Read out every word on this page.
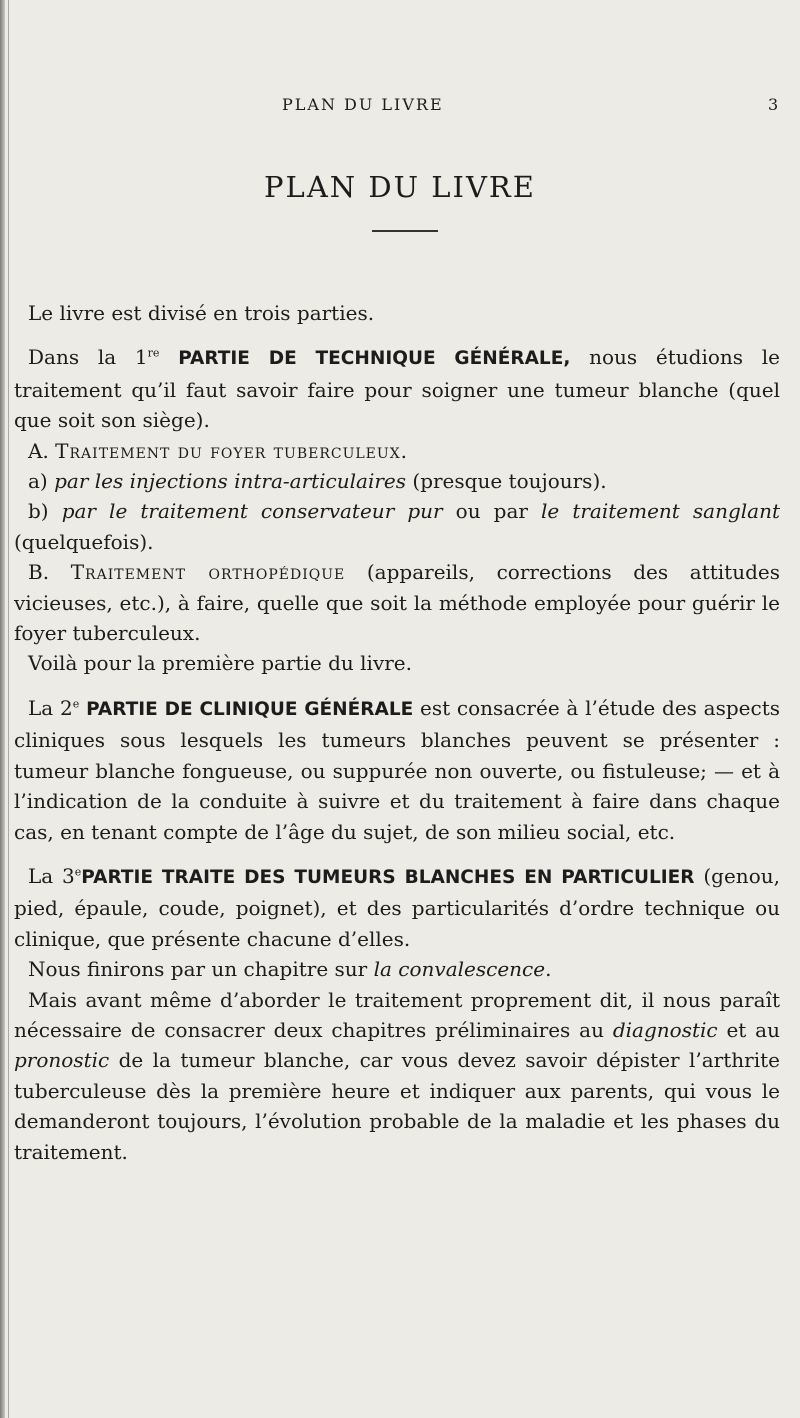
PLAN DU LIVRE	3
PLAN DU LIVRE

Le livre est divisé en trois parties.

Dans la 1re PARTIE DE TECHNIQUE GÉNÉRALE, nous étudions le traitement qu’il faut savoir faire pour soigner une tumeur blanche (quel que soit son siège).

A. Traitement du foyer tuberculeux.

a) par les injections intra-articulaires (presque toujours).

b) par le traitement conservateur pur ou par le traitement sanglant (quelquefois).

B. Traitement orthopédique (appareils, corrections des attitudes vicieuses, etc.), à faire, quelle que soit la méthode employée pour guérir le foyer tuberculeux.

Voilà pour la première partie du livre.

La 2e PARTIE DE CLINIQUE GÉNÉRALE est consacrée à l’étude des aspects cliniques sous lesquels les tumeurs blanches peuvent se présenter : tumeur blanche fongueuse, ou suppurée non ouverte, ou fistuleuse; — et à l’indication de la conduite à suivre et du traitement à faire dans chaque cas, en tenant compte de l’âge du sujet, de son milieu social, etc.

La 3ePARTIE TRAITE DES TUMEURS BLANCHES EN PARTICULIER (genou, pied, épaule, coude, poignet), et des particularités d’ordre technique ou clinique, que présente chacune d’elles.

Nous finirons par un chapitre sur la convalescence.

Mais avant même d’aborder le traitement proprement dit, il nous paraît nécessaire de consacrer deux chapitres préliminaires au diagnostic et au pronostic de la tumeur blanche, car vous devez savoir dépister l’arthrite tuberculeuse dès la première heure et indiquer aux parents, qui vous le demanderont toujours, l’évolution probable de la maladie et les phases du traitement.
